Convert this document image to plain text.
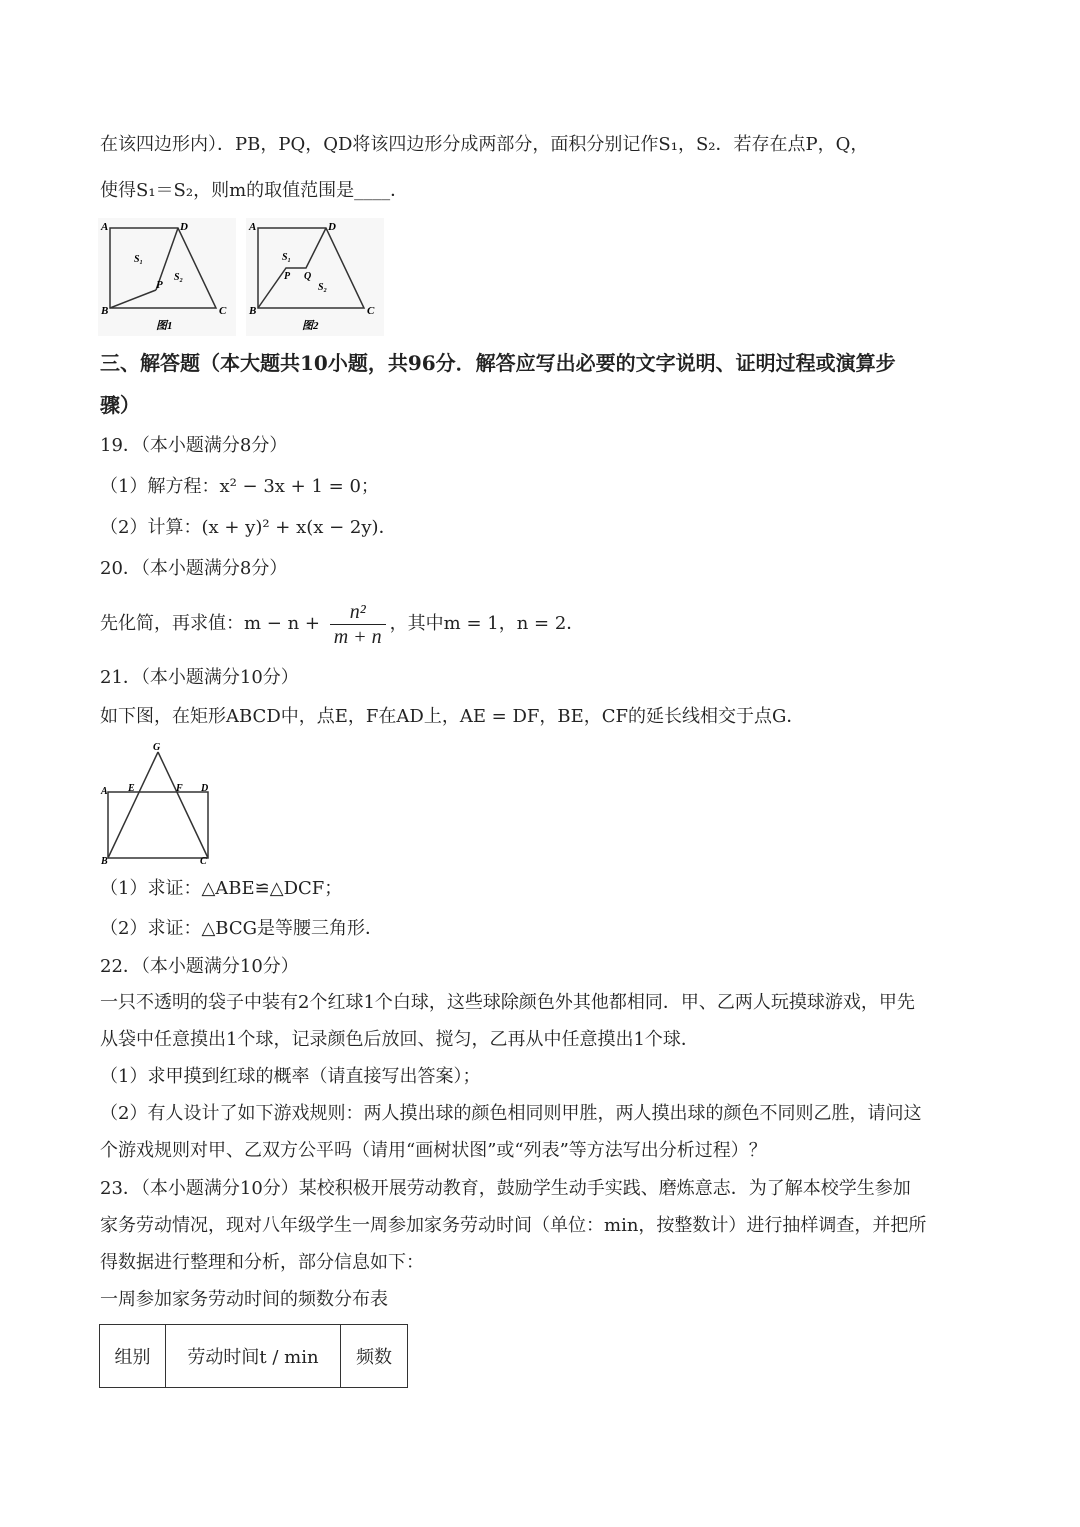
在该四边形内）．PB，PQ，QD将该四边形分成两部分，面积分别记作S₁，S₂．若存在点P，Q，
使得S₁＝S₂，则m的取值范围是____．
A	D
B	C
P
S₁
S₂
图1
A	D
B	C
P Q
S₁
S₂
图2
三、解答题（本大题共10小题，共96分．解答应写出必要的文字说明、证明过程或演算步
骤）
19．（本小题满分8分）
（1）解方程：x² − 3x + 1 = 0；
（2）计算：(x + y)² + x(x − 2y)．
20．（本小题满分8分）
先化简，再求值：$m - n + \frac{\text{n²}}{m + n}$ ，其中m = 1，n = 2．
21．（本小题满分10分）
如下图，在矩形ABCD中，点E，F在AD上，AE = DF，BE，CF的延长线相交于点G．
G
A E	F D
B	C
（1）求证：△ABE≌△DCF；
（2）求证：△BCG是等腰三角形．
22．（本小题满分10分）
一只不透明的袋子中装有2个红球1个白球，这些球除颜色外其他都相同．甲、乙两人玩摸球游戏，甲先
从袋中任意摸出1个球，记录颜色后放回、搅匀，乙再从中任意摸出1个球．
（1）求甲摸到红球的概率（请直接写出答案）；
（2）有人设计了如下游戏规则：两人摸出球的颜色相同则甲胜，两人摸出球的颜色不同则乙胜，请问这
个游戏规则对甲、乙双方公平吗（请用“画树状图”或“列表”等方法写出分析过程）？
23．（本小题满分10分）某校积极开展劳动教育，鼓励学生动手实践、磨炼意志．为了解本校学生参加
家务劳动情况，现对八年级学生一周参加家务劳动时间（单位：min，按整数计）进行抽样调查，并把所
得数据进行整理和分析，部分信息如下：
一周参加家务劳动时间的频数分布表
组别	劳动时间t / min	频数
